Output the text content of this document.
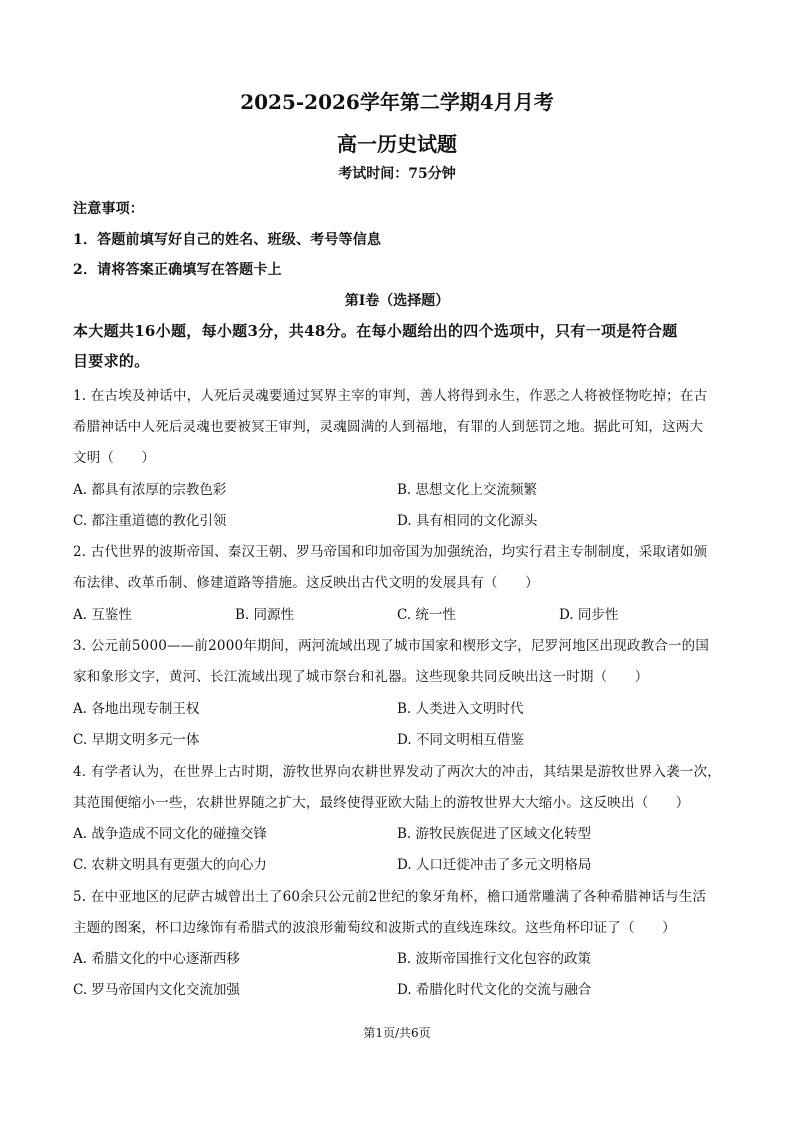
2025-2026学年第二学期4月月考
高一历史试题
考试时间：75分钟
注意事项：
1．答题前填写好自己的姓名、班级、考号等信息
2．请将答案正确填写在答题卡上
第I卷（选择题）
本大题共16小题，每小题3分，共48分。在每小题给出的四个选项中，只有一项是符合题
目要求的。
1. 在古埃及神话中，人死后灵魂要通过冥界主宰的审判，善人将得到永生，作恶之人将被怪物吃掉；在古
希腊神话中人死后灵魂也要被冥王审判，灵魂圆满的人到福地，有罪的人到惩罚之地。据此可知，这两大
文明（　　）
A. 都具有浓厚的宗教色彩	B. 思想文化上交流频繁
C. 都注重道德的教化引领	D. 具有相同的文化源头
2. 古代世界的波斯帝国、秦汉王朝、罗马帝国和印加帝国为加强统治，均实行君主专制制度，采取诸如颁
布法律、改革币制、修建道路等措施。这反映出古代文明的发展具有（　　）
A. 互鉴性	B. 同源性	C. 统一性	D. 同步性
3. 公元前5000——前2000年期间，两河流域出现了城市国家和楔形文字，尼罗河地区出现政教合一的国
家和象形文字，黄河、长江流域出现了城市祭台和礼器。这些现象共同反映出这一时期（　　）
A. 各地出现专制王权	B. 人类进入文明时代
C. 早期文明多元一体	D. 不同文明相互借鉴
4. 有学者认为，在世界上古时期，游牧世界向农耕世界发动了两次大的冲击，其结果是游牧世界入袭一次，
其范围便缩小一些，农耕世界随之扩大，最终使得亚欧大陆上的游牧世界大大缩小。这反映出（　　）
A. 战争造成不同文化的碰撞交锋	B. 游牧民族促进了区域文化转型
C. 农耕文明具有更强大的向心力	D. 人口迁徙冲击了多元文明格局
5. 在中亚地区的尼萨古城曾出土了60余只公元前2世纪的象牙角杯，檐口通常雕满了各种希腊神话与生活
主题的图案，杯口边缘饰有希腊式的波浪形葡萄纹和波斯式的直线连珠纹。这些角杯印证了（　　）
A. 希腊文化的中心逐渐西移	B. 波斯帝国推行文化包容的政策
C. 罗马帝国内文化交流加强	D. 希腊化时代文化的交流与融合
第1页/共6页
